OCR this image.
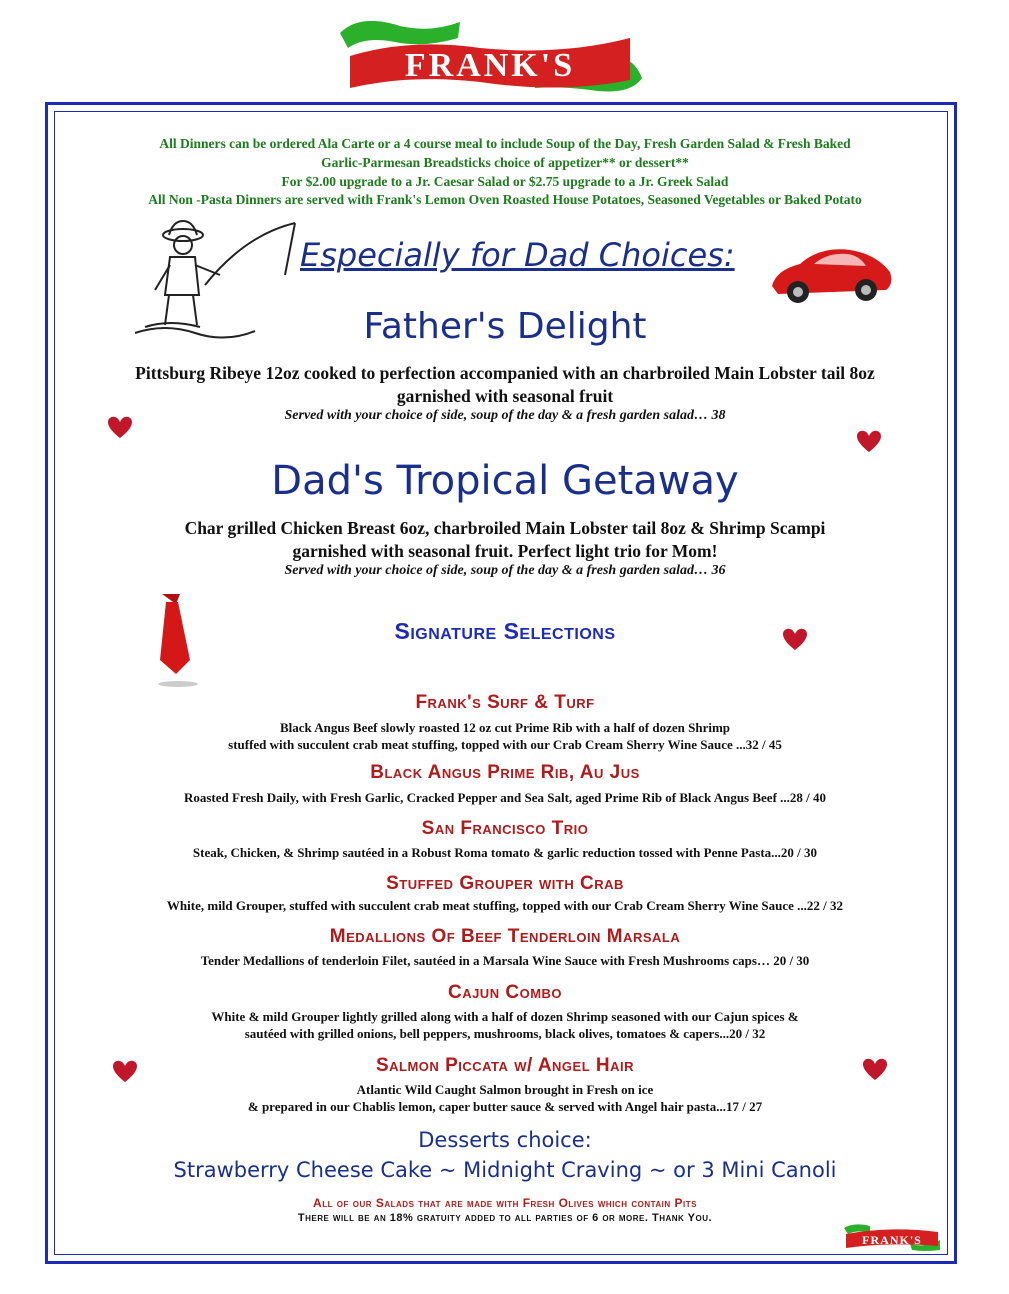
FRANK'S
All Dinners can be ordered Ala Carte or a 4 course meal to include Soup of the Day, Fresh Garden Salad & Fresh Baked
Garlic-Parmesan Breadsticks choice of appetizer** or dessert**
For $2.00 upgrade to a Jr. Caesar Salad or $2.75 upgrade to a Jr. Greek Salad
All Non -Pasta Dinners are served with Frank's Lemon Oven Roasted House Potatoes, Seasoned Vegetables or Baked Potato
Especially for Dad Choices:
Father's Delight
Pittsburg Ribeye 12oz cooked to perfection accompanied with an charbroiled Main Lobster tail 8oz
garnished with seasonal fruit
Served with your choice of side, soup of the day & a fresh garden salad… 38
Dad's Tropical Getaway
Char grilled Chicken Breast 6oz, charbroiled Main Lobster tail 8oz & Shrimp Scampi
garnished with seasonal fruit. Perfect light trio for Mom!
Served with your choice of side, soup of the day & a fresh garden salad… 36
Signature Selections
Frank's Surf & Turf
Black Angus Beef slowly roasted 12 oz cut Prime Rib with a half of dozen Shrimp
stuffed with succulent crab meat stuffing, topped with our Crab Cream Sherry Wine Sauce ...32 / 45
Black Angus Prime Rib, Au Jus
Roasted Fresh Daily, with Fresh Garlic, Cracked Pepper and Sea Salt, aged Prime Rib of Black Angus Beef ...28 / 40
San Francisco Trio
Steak, Chicken, & Shrimp sautéed in a Robust Roma tomato & garlic reduction tossed with Penne Pasta...20 / 30
Stuffed Grouper with Crab
White, mild Grouper, stuffed with succulent crab meat stuffing, topped with our Crab Cream Sherry Wine Sauce ...22 / 32
Medallions Of Beef Tenderloin Marsala
Tender Medallions of tenderloin Filet, sautéed in a Marsala Wine Sauce with Fresh Mushrooms caps… 20 / 30
Cajun Combo
White & mild Grouper lightly grilled along with a half of dozen Shrimp seasoned with our Cajun spices &
sautéed with grilled onions, bell peppers, mushrooms, black olives, tomatoes & capers...20 / 32
Salmon Piccata w/ Angel Hair
Atlantic Wild Caught Salmon brought in Fresh on ice
& prepared in our Chablis lemon, caper butter sauce & served with Angel hair pasta...17 / 27
Desserts choice:
Strawberry Cheese Cake ~ Midnight Craving ~ or 3 Mini Canoli
All of our Salads that are made with Fresh Olives which contain Pits
There will be an 18% gratuity added to all parties of 6 or more. Thank You.
FRANK'S
